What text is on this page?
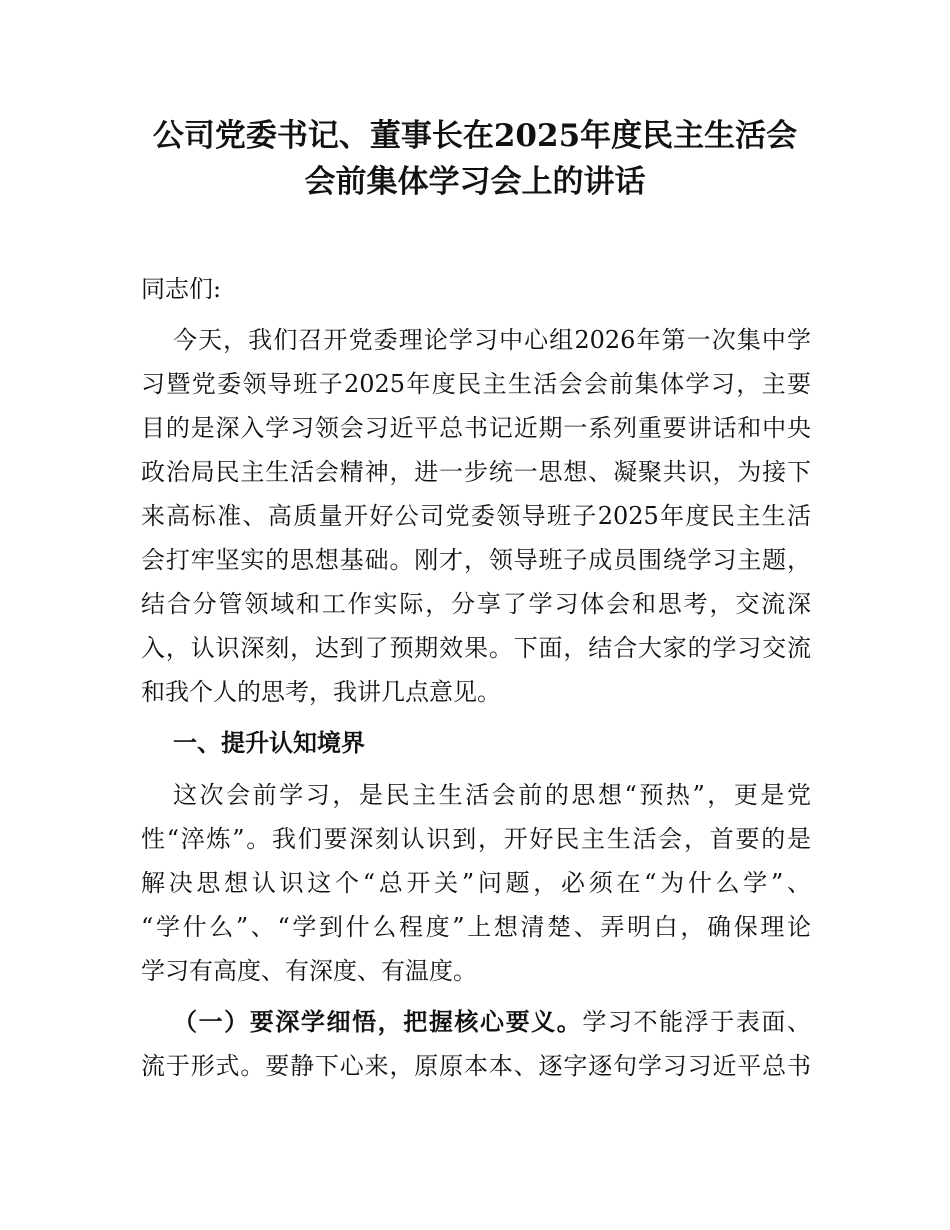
公司党委书记、董事长在2025年度民主生活会
会前集体学习会上的讲话
同志们:
今天，我们召开党委理论学习中心组2026年第一次集中学
习暨党委领导班子2025年度民主生活会会前集体学习，主要
目的是深入学习领会习近平总书记近期一系列重要讲话和中央
政治局民主生活会精神，进一步统一思想、凝聚共识，为接下
来高标准、高质量开好公司党委领导班子2025年度民主生活
会打牢坚实的思想基础。刚才，领导班子成员围绕学习主题，
结合分管领域和工作实际，分享了学习体会和思考，交流深
入，认识深刻，达到了预期效果。下面，结合大家的学习交流
和我个人的思考，我讲几点意见。
一、提升认知境界
这次会前学习，是民主生活会前的思想“预热”，更是党
性“淬炼”。我们要深刻认识到，开好民主生活会，首要的是
解决思想认识这个“总开关”问题，必须在“为什么学”、
“学什么”、“学到什么程度”上想清楚、弄明白，确保理论
学习有高度、有深度、有温度。
（一）要深学细悟，把握核心要义。学习不能浮于表面、
流于形式。要静下心来，原原本本、逐字逐句学习习近平总书
